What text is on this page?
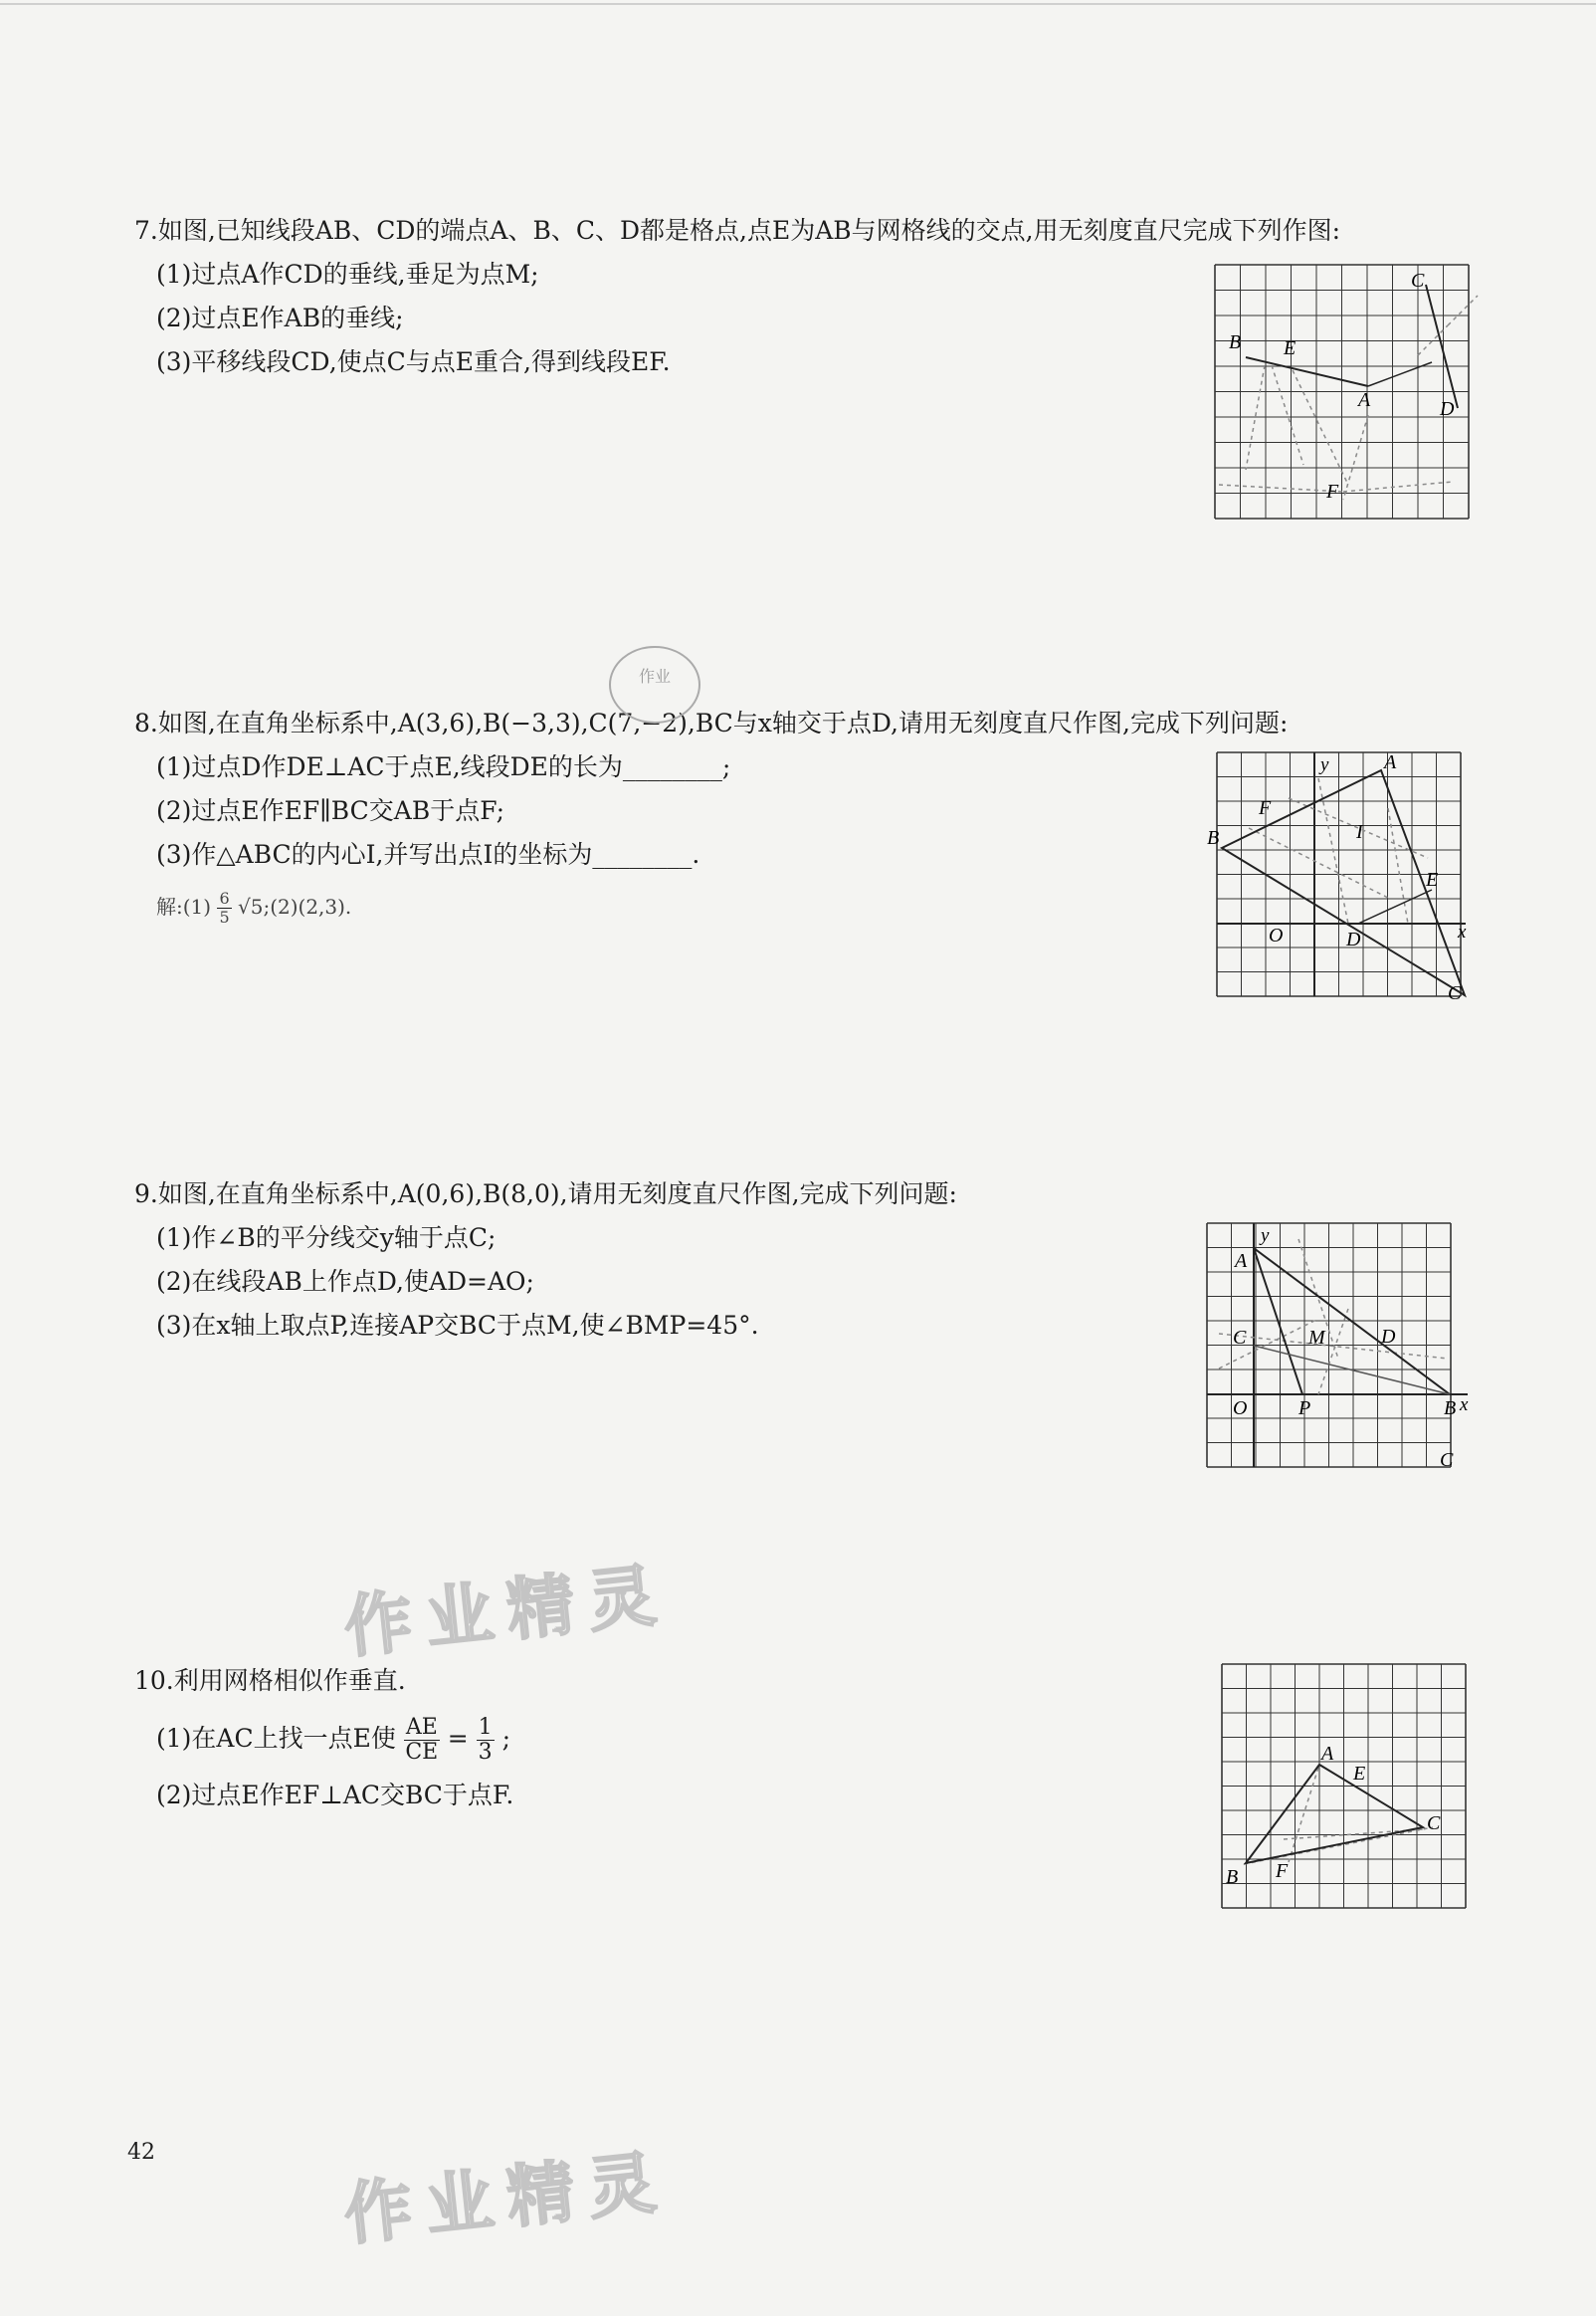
7.如图,已知线段AB、CD的端点A、B、C、D都是格点,点E为AB与网格线的交点,用无刻度直尺完成下列作图:
(1)过点A作CD的垂线,垂足为点M;
(2)过点E作AB的垂线;
(3)平移线段CD,使点C与点E重合,得到线段EF.
B E
A
C
D
F
8.如图,在直角坐标系中,A(3,6),B(−3,3),C(7,−2),BC与x轴交于点D,请用无刻度直尺作图,完成下列问题:
(1)过点D作DE⊥AC于点E,线段DE的长为________;
(2)过点E作EF∥BC交AB于点F;
(3)作△ABC的内心I,并写出点I的坐标为________.
解:(1) $\frac{6}{5}$ √5;(2)(2,3).
y
x
A
B
C
D
E
F
I
O
9.如图,在直角坐标系中,A(0,6),B(8,0),请用无刻度直尺作图,完成下列问题:
(1)作∠B的平分线交y轴于点C;
(2)在线段AB上作点D,使AD=AO;
(3)在x轴上取点P,连接AP交BC于点M,使∠BMP=45°.
y
x
A
B
C
C
D
M
O	P
10.利用网格相似作垂直.
(1)在AC上找一点E使 $\frac{AE}{CE} = \frac{1}{3}$ ;
(2)过点E作EF⊥AC交BC于点F.
A
B
C
E
F
作业精灵
作业精灵
作业
42
